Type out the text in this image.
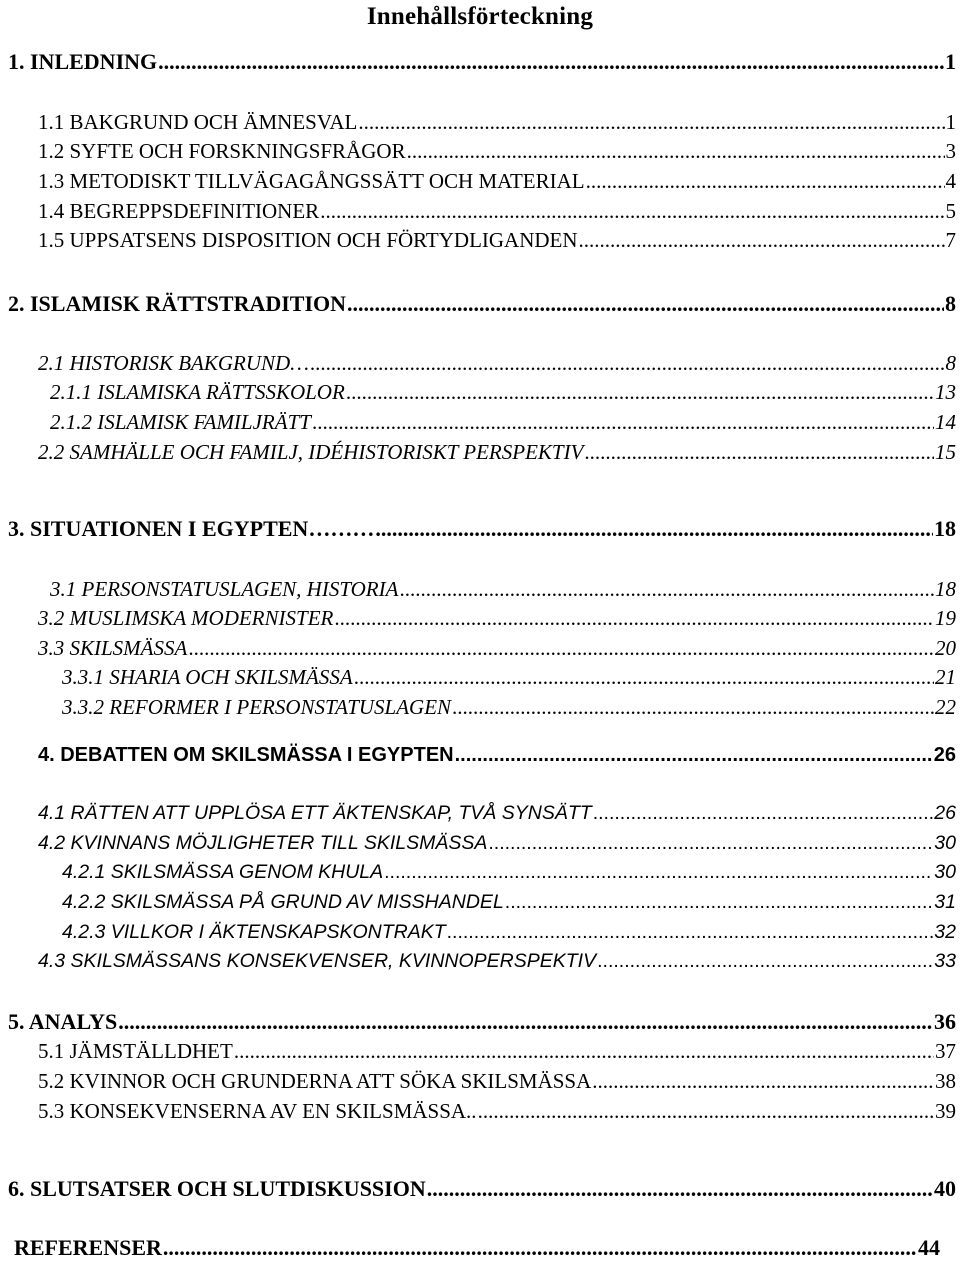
Innehållsförteckning
1. INLEDNING .....	1
1.1 BAKGRUND OCH ÄMNESVAL .....	1
1.2 SYFTE OCH FORSKNINGSFRÅGOR .....	3
1.3 METODISKT TILLVÄGAGÅNGSSÄTT OCH MATERIAL .....	4
1.4 BEGREPPSDEFINITIONER .....	5
1.5 UPPSATSENS DISPOSITION OCH FÖRTYDLIGANDEN .....	7
2. ISLAMISK RÄTTSTRADITION .....	8
2.1 HISTORISK BAKGRUND… .....	8
2.1.1 ISLAMISKA RÄTTSSKOLOR .....	13
2.1.2 ISLAMISK FAMILJRÄTT .....	14
2.2 SAMHÄLLE OCH FAMILJ, IDÉHISTORISKT PERSPEKTIV .....	15
3. SITUATIONEN I EGYPTEN……… .....	18
3.1 PERSONSTATUSLAGEN, HISTORIA .....	18
3.2 MUSLIMSKA MODERNISTER .....	19
3.3 SKILSMÄSSA .....	20
3.3.1 SHARIA OCH SKILSMÄSSA .....	21
3.3.2 REFORMER I PERSONSTATUSLAGEN .....	22
4. DEBATTEN OM SKILSMÄSSA I EGYPTEN .....	26
4.1 RÄTTEN ATT UPPLÖSA ETT ÄKTENSKAP, TVÅ SYNSÄTT .....	26
4.2 KVINNANS MÖJLIGHETER TILL SKILSMÄSSA .....	30
4.2.1 SKILSMÄSSA GENOM KHULA .....	30
4.2.2 SKILSMÄSSA PÅ GRUND AV MISSHANDEL .....	31
4.2.3 VILLKOR I ÄKTENSKAPSKONTRAKT .....	32
4.3 SKILSMÄSSANS KONSEKVENSER, KVINNOPERSPEKTIV .....	33
5. ANALYS .....	36
5.1 JÄMSTÄLLDHET .....	37
5.2 KVINNOR OCH GRUNDERNA ATT SÖKA SKILSMÄSSA .....	38
5.3 KONSEKVENSERNA AV EN SKILSMÄSSA.. .....	39
6. SLUTSATSER OCH SLUTDISKUSSION .....	40
REFERENSER .....	44
